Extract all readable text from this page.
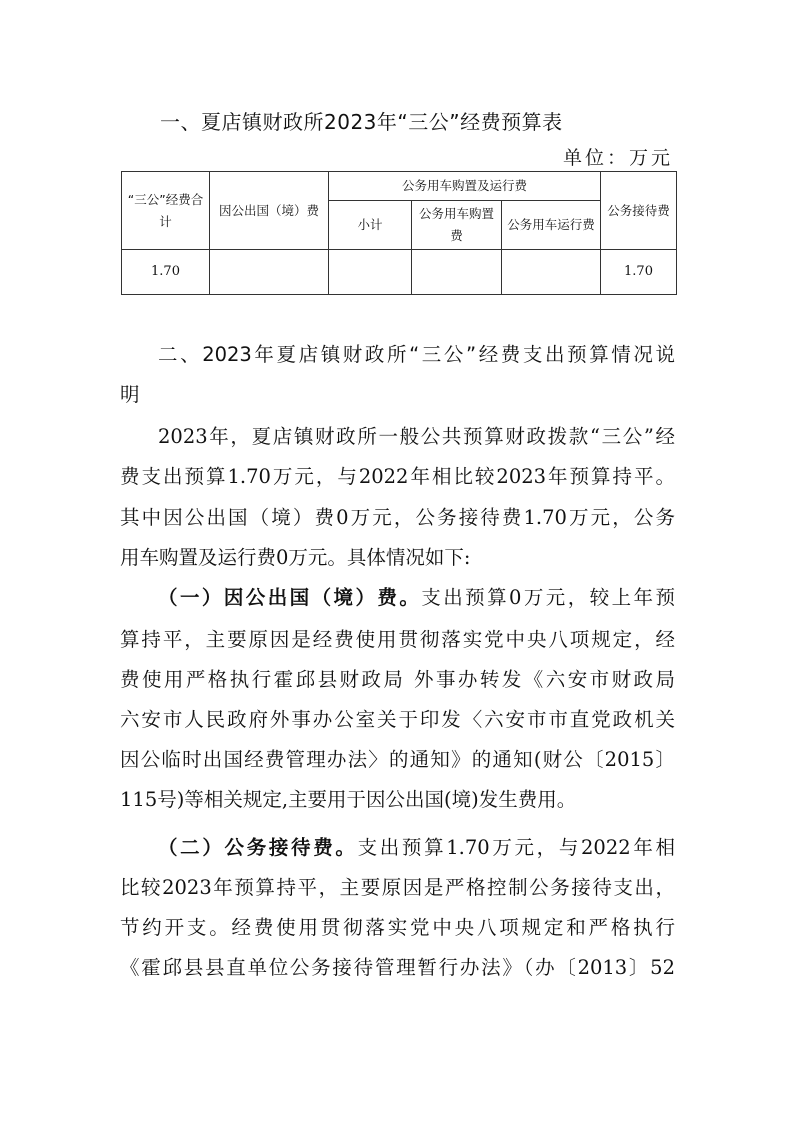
一、夏店镇财政所2023年“三公”经费预算表
单位：万元
“三公”经费合计	因公出国（境）费	公务用车购置及运行费			公务接待费
		小计	公务用车购置费	公务用车运行费	
1.70					1.70
二、2023年夏店镇财政所“三公”经费支出预算情况说
明
2023年，夏店镇财政所一般公共预算财政拨款“三公”经
费支出预算1.70万元，与2022年相比较2023年预算持平。
其中因公出国（境）费0万元，公务接待费1.70万元，公务
用车购置及运行费0万元。具体情况如下:
（一）因公出国（境）费。支出预算0万元，较上年预
算持平，主要原因是经费使用贯彻落实党中央八项规定，经
费使用严格执行霍邱县财政局 外事办转发《六安市财政局
六安市人民政府外事办公室关于印发〈六安市市直党政机关
因公临时出国经费管理办法〉的通知》的通知(财公〔2015〕
115号)等相关规定,主要用于因公出国(境)发生费用。
（二）公务接待费。支出预算1.70万元，与2022年相
比较2023年预算持平，主要原因是严格控制公务接待支出，
节约开支。经费使用贯彻落实党中央八项规定和严格执行
《霍邱县县直单位公务接待管理暂行办法》（办〔2013〕52
